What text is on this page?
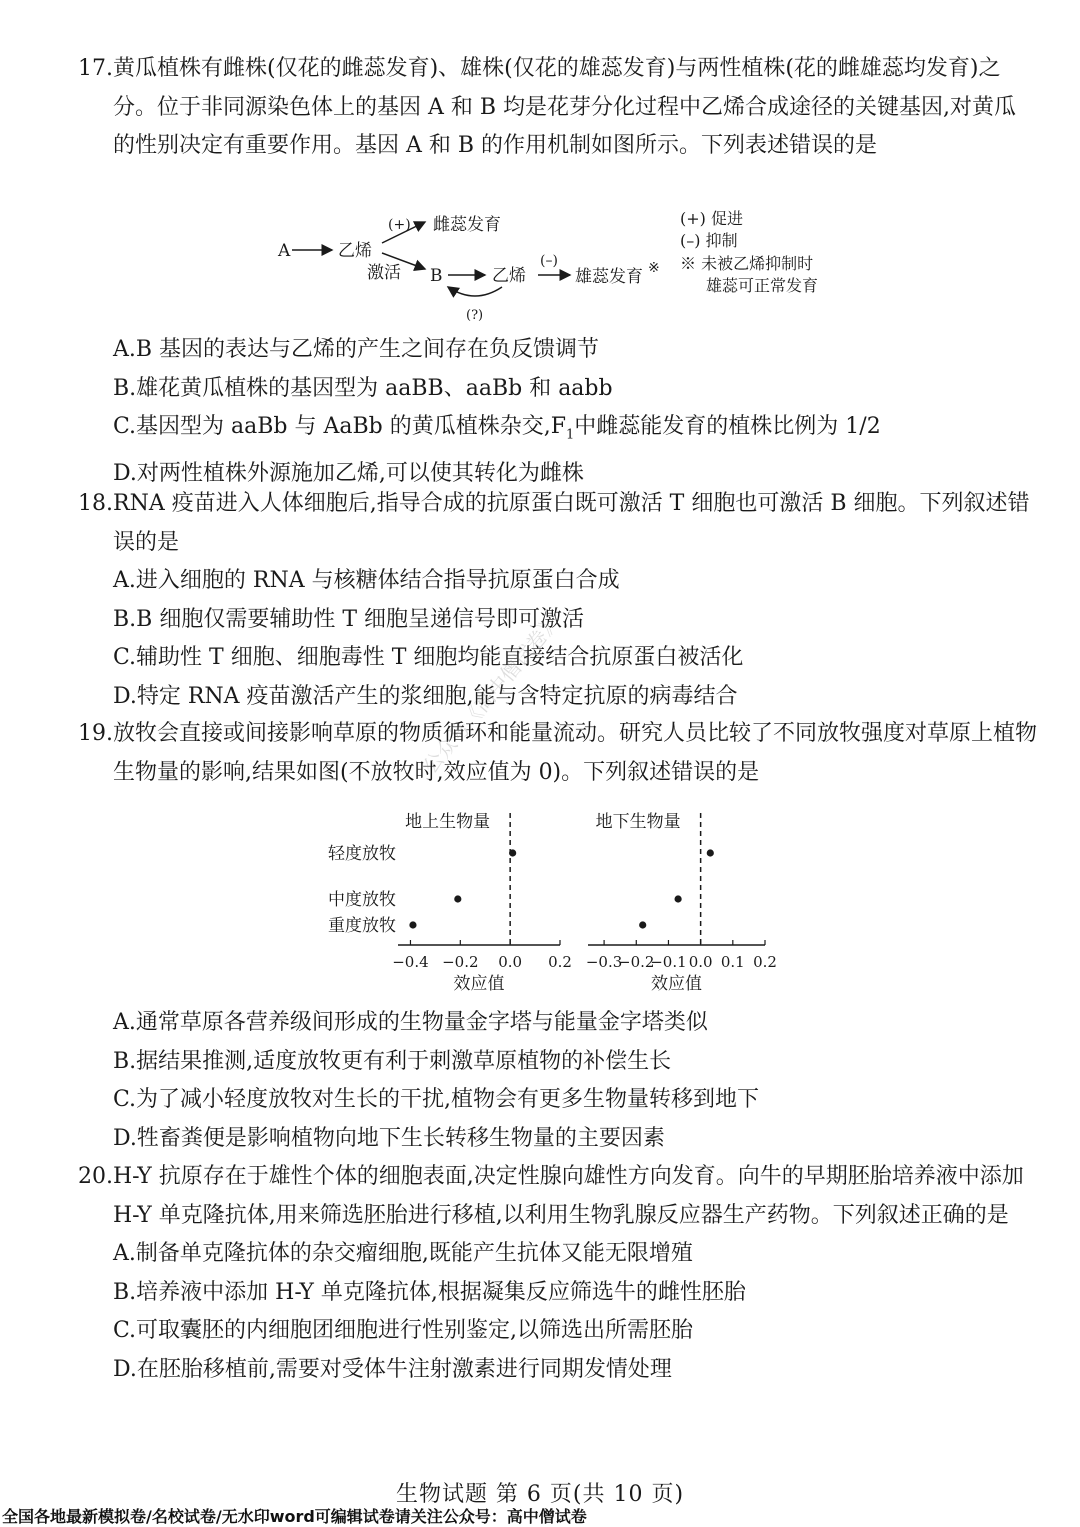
17. 黄瓜植株有雌株(仅花的雌蕊发育)、雄株(仅花的雄蕊发育)与两性植株(花的雌雄蕊均发育)之分。位于非同源染色体上的基因 A 和 B 均是花芽分化过程中乙烯合成途径的关键基因,对黄瓜的性别决定有重要作用。基因 A 和 B 的作用机制如图所示。下列表述错误的是
A	乙烯
(+) 雌蕊发育
激活 B	乙烯
(?)
(–)
雄蕊发育 ※
(+) 促进
(–) 抑制
※ 未被乙烯抑制时
雄蕊可正常发育
A.B 基因的表达与乙烯的产生之间存在负反馈调节
B.雄花黄瓜植株的基因型为 aaBB、aaBb 和 aabb
C.基因型为 aaBb 与 AaBb 的黄瓜植株杂交$,F_1$中雌蕊能发育的植株比例为 1/2
D.对两性植株外源施加乙烯,可以使其转化为雌株
18. RNA 疫苗进入人体细胞后,指导合成的抗原蛋白既可激活 T 细胞也可激活 B 细胞。下列叙述错误的是
A.进入细胞的 RNA 与核糖体结合指导抗原蛋白合成
B.B 细胞仅需要辅助性 T 细胞呈递信号即可激活
C.辅助性 T 细胞、细胞毒性 T 细胞均能直接结合抗原蛋白被活化
D.特定 RNA 疫苗激活产生的浆细胞,能与含特定抗原的病毒结合
19. 放牧会直接或间接影响草原的物质循环和能量流动。研究人员比较了不同放牧强度对草原上植物生物量的影响,结果如图(不放牧时,效应值为 0)。下列叙述错误的是
公众号《高中僧试卷》
轻度放牧
中度放牧
重度放牧
−0.4 −0.2 0.0 0.2
地上生物量
效应值
−0.3
−0.2
−0.1 0.0 0.1 0.2
地下生物量
效应值
A.通常草原各营养级间形成的生物量金字塔与能量金字塔类似
B.据结果推测,适度放牧更有利于刺激草原植物的补偿生长
C.为了减小轻度放牧对生长的干扰,植物会有更多生物量转移到地下
D.牲畜粪便是影响植物向地下生长转移生物量的主要因素
20. H-Y 抗原存在于雄性个体的细胞表面,决定性腺向雄性方向发育。向牛的早期胚胎培养液中添加 H-Y 单克隆抗体,用来筛选胚胎进行移植,以利用生物乳腺反应器生产药物。下列叙述正确的是
A.制备单克隆抗体的杂交瘤细胞,既能产生抗体又能无限增殖
B.培养液中添加 H-Y 单克隆抗体,根据凝集反应筛选牛的雌性胚胎
C.可取囊胚的内细胞团细胞进行性别鉴定,以筛选出所需胚胎
D.在胚胎移植前,需要对受体牛注射激素进行同期发情处理
生物试题 第 6 页(共 10 页)
全国各地最新模拟卷/名校试卷/无水印word可编辑试卷请关注公众号：高中僧试卷
